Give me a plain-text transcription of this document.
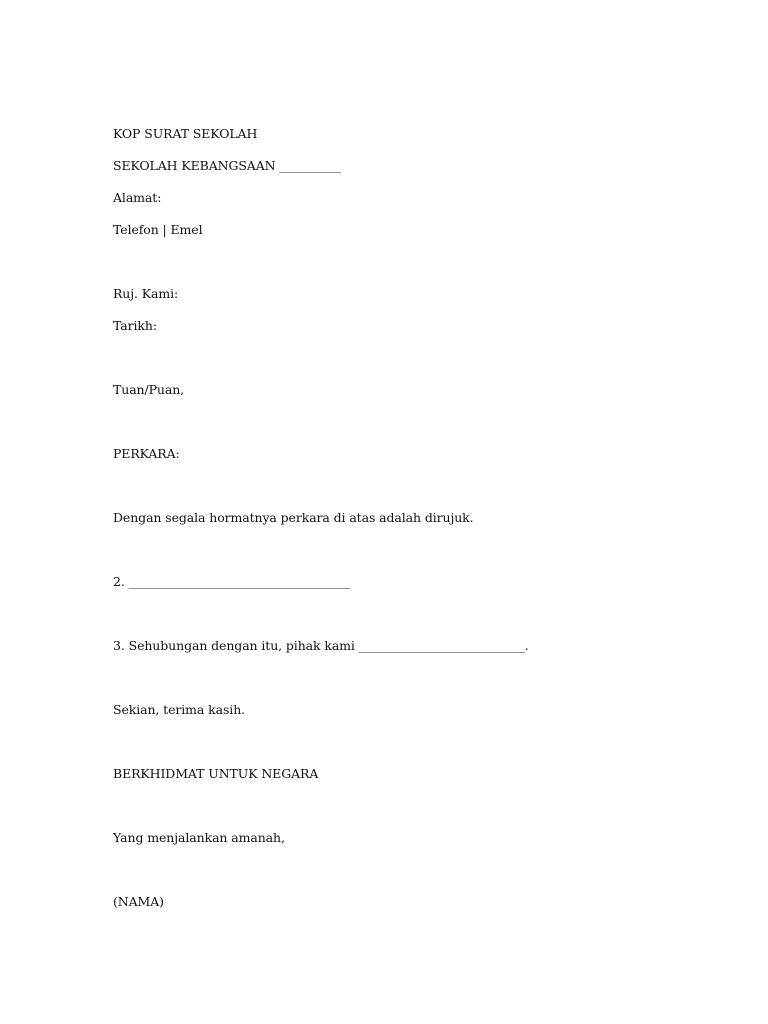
KOP SURAT SEKOLAH
SEKOLAH KEBANGSAAN __________
Alamat:
Telefon | Emel
Ruj. Kami:
Tarikh:
Tuan/Puan,
PERKARA:
Dengan segala hormatnya perkara di atas adalah dirujuk.
2. ____________________________________
3. Sehubungan dengan itu, pihak kami ___________________________.
Sekian, terima kasih.
BERKHIDMAT UNTUK NEGARA
Yang menjalankan amanah,
(NAMA)
